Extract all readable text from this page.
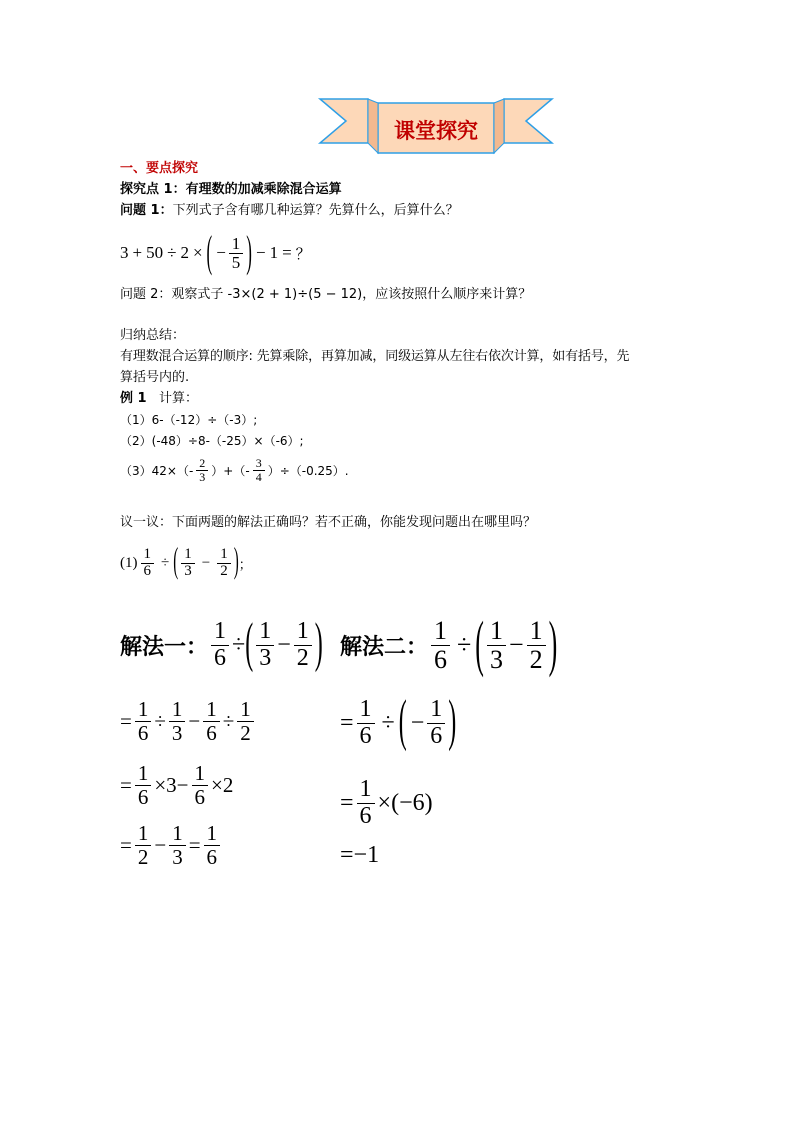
课堂探究
一、要点探究
探究点 1：有理数的加减乘除混合运算
问题 1：下列式子含有哪几种运算？先算什么，后算什么？
3 + 50 ÷ 2 × ( − $\frac{1}{5}$ ) − 1 = ？
问题 2：观察式子 -3×(2 + 1)÷(5 − 12)，应该按照什么顺序来计算？
归纳总结：
有理数混合运算的顺序: 先算乘除，再算加减，同级运算从左往右依次计算，如有括号，先
算括号内的.
例 1 计算：
（1）6-（-12）÷（-3）;
（2）(-48）÷8-（-25）×（-6）;
$(3)42\times(- \frac{2}{3}$ ）+（- $\frac{3}{4} )\div(-0.25)$.
议一议：下面两题的解法正确吗？若不正确，你能发现问题出在哪里吗？
$(1) \frac{1}{6}$ ÷ ( $\frac{1}{3} - \frac{1}{2}$ ) ；
解法一： $\frac{1}{6}$ ÷ ( $\frac{1}{3} - \frac{1}{2}$ ) 解法二： $\frac{1}{6}$ ÷ ( $\frac{1}{3} - \frac{1}{2}$ )
= $\frac{1}{6} \div \frac{1}{3} - \frac{1}{6} \div \frac{1}{2}$
= $\frac{1}{6} \times 3- \frac{1}{6} \times 2$
= $\frac{1}{2} - \frac{1}{3} = \frac{1}{6}$
= $\frac{1}{6}$ ÷ ( − $\frac{1}{6}$ )
= $\frac{1}{6} \times(-6)$
=−1
